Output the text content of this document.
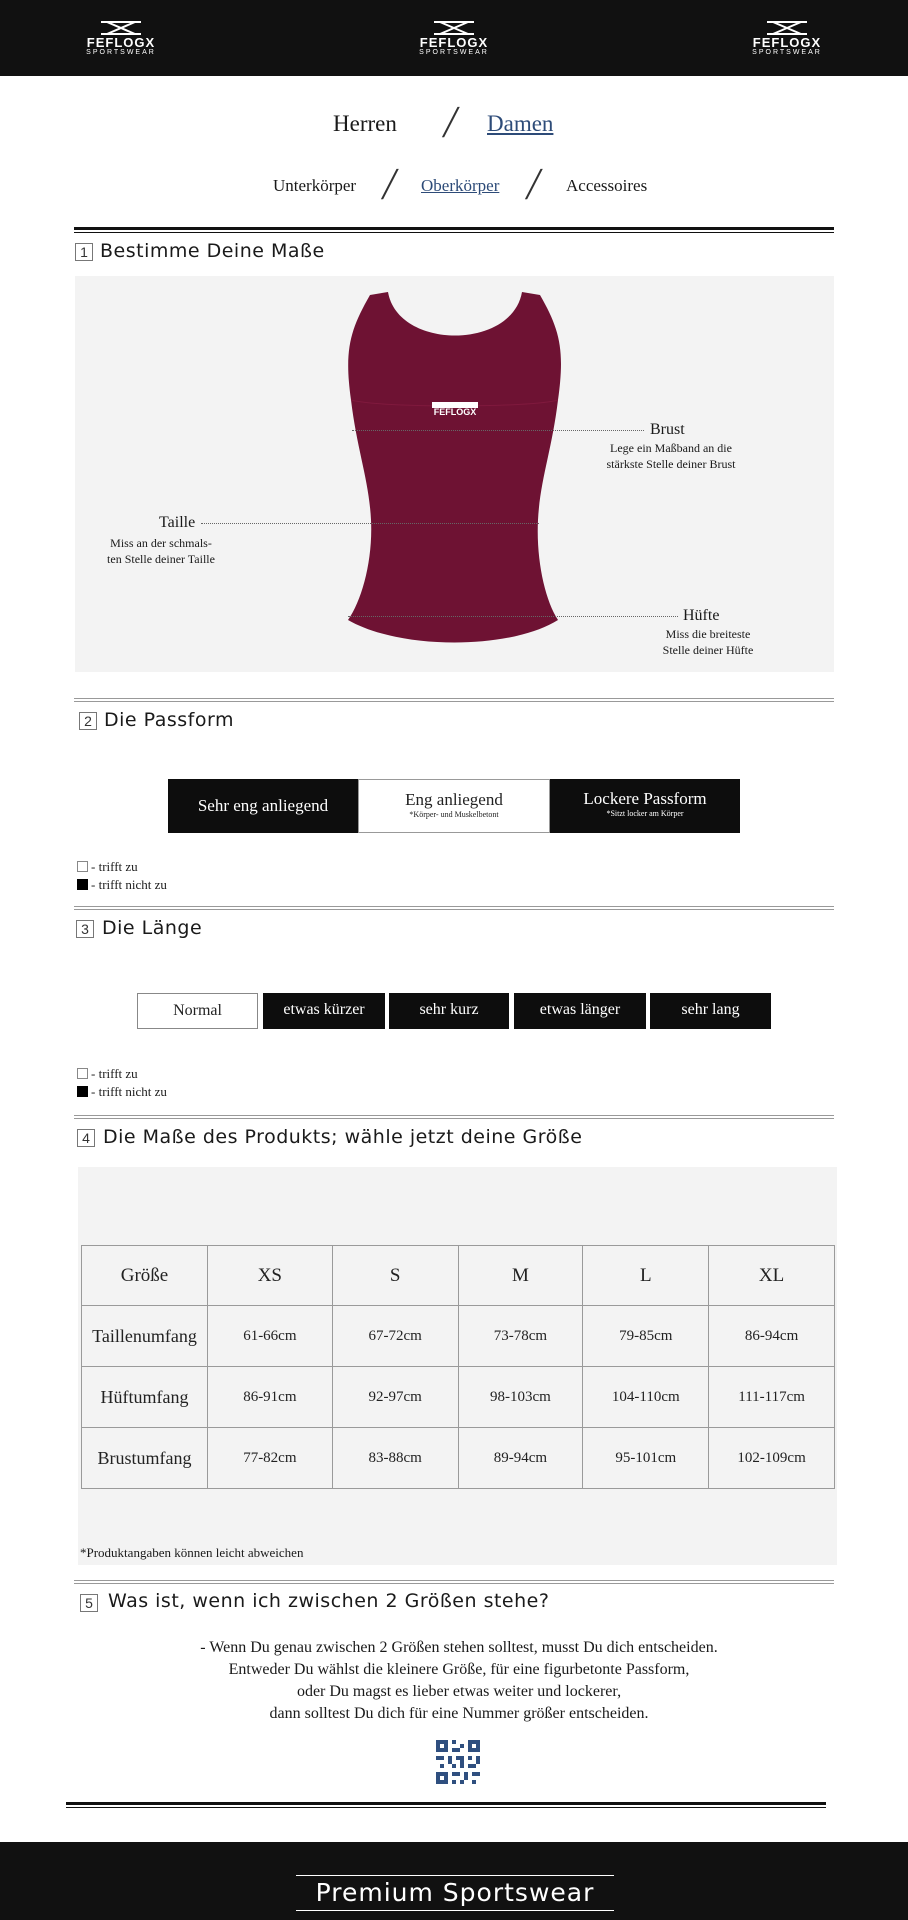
FEFLOGX
SPORTSWEAR
FEFLOGX
SPORTSWEAR
FEFLOGX
SPORTSWEAR
Herren ╱ Damen
Unterkörper ╱ Oberkörper ╱ Accessoires
1 Bestimme Deine Maße
FEFLOGX
Brust
Lege ein Maßband an die
stärkste Stelle deiner Brust
Taille
Miss an der schmals-
ten Stelle deiner Taille
Hüfte
Miss die breiteste
Stelle deiner Hüfte
2 Die Passform
Sehr eng anliegend	Eng anliegend
*Körper- und Muskelbetont
Lockere Passform
*Sitzt locker am Körper
- trifft zu
- trifft nicht zu
3 Die Länge
Normal	etwas kürzer	sehr kurz	etwas länger	sehr lang
- trifft zu
- trifft nicht zu
4 Die Maße des Produkts; wähle jetzt deine Größe
Größe	XS	S	M	L	XL
Taillenumfang	61-66cm	67-72cm	73-78cm	79-85cm	86-94cm
Hüftumfang	86-91cm	92-97cm	98-103cm	104-110cm	111-117cm
Brustumfang	77-82cm	83-88cm	89-94cm	95-101cm	102-109cm
*Produktangaben können leicht abweichen
5 Was ist, wenn ich zwischen 2 Größen stehe?
- Wenn Du genau zwischen 2 Größen stehen solltest, musst Du dich entscheiden.
Entweder Du wählst die kleinere Größe, für eine figurbetonte Passform,
oder Du magst es lieber etwas weiter und lockerer,
dann solltest Du dich für eine Nummer größer entscheiden.
Premium Sportswear
